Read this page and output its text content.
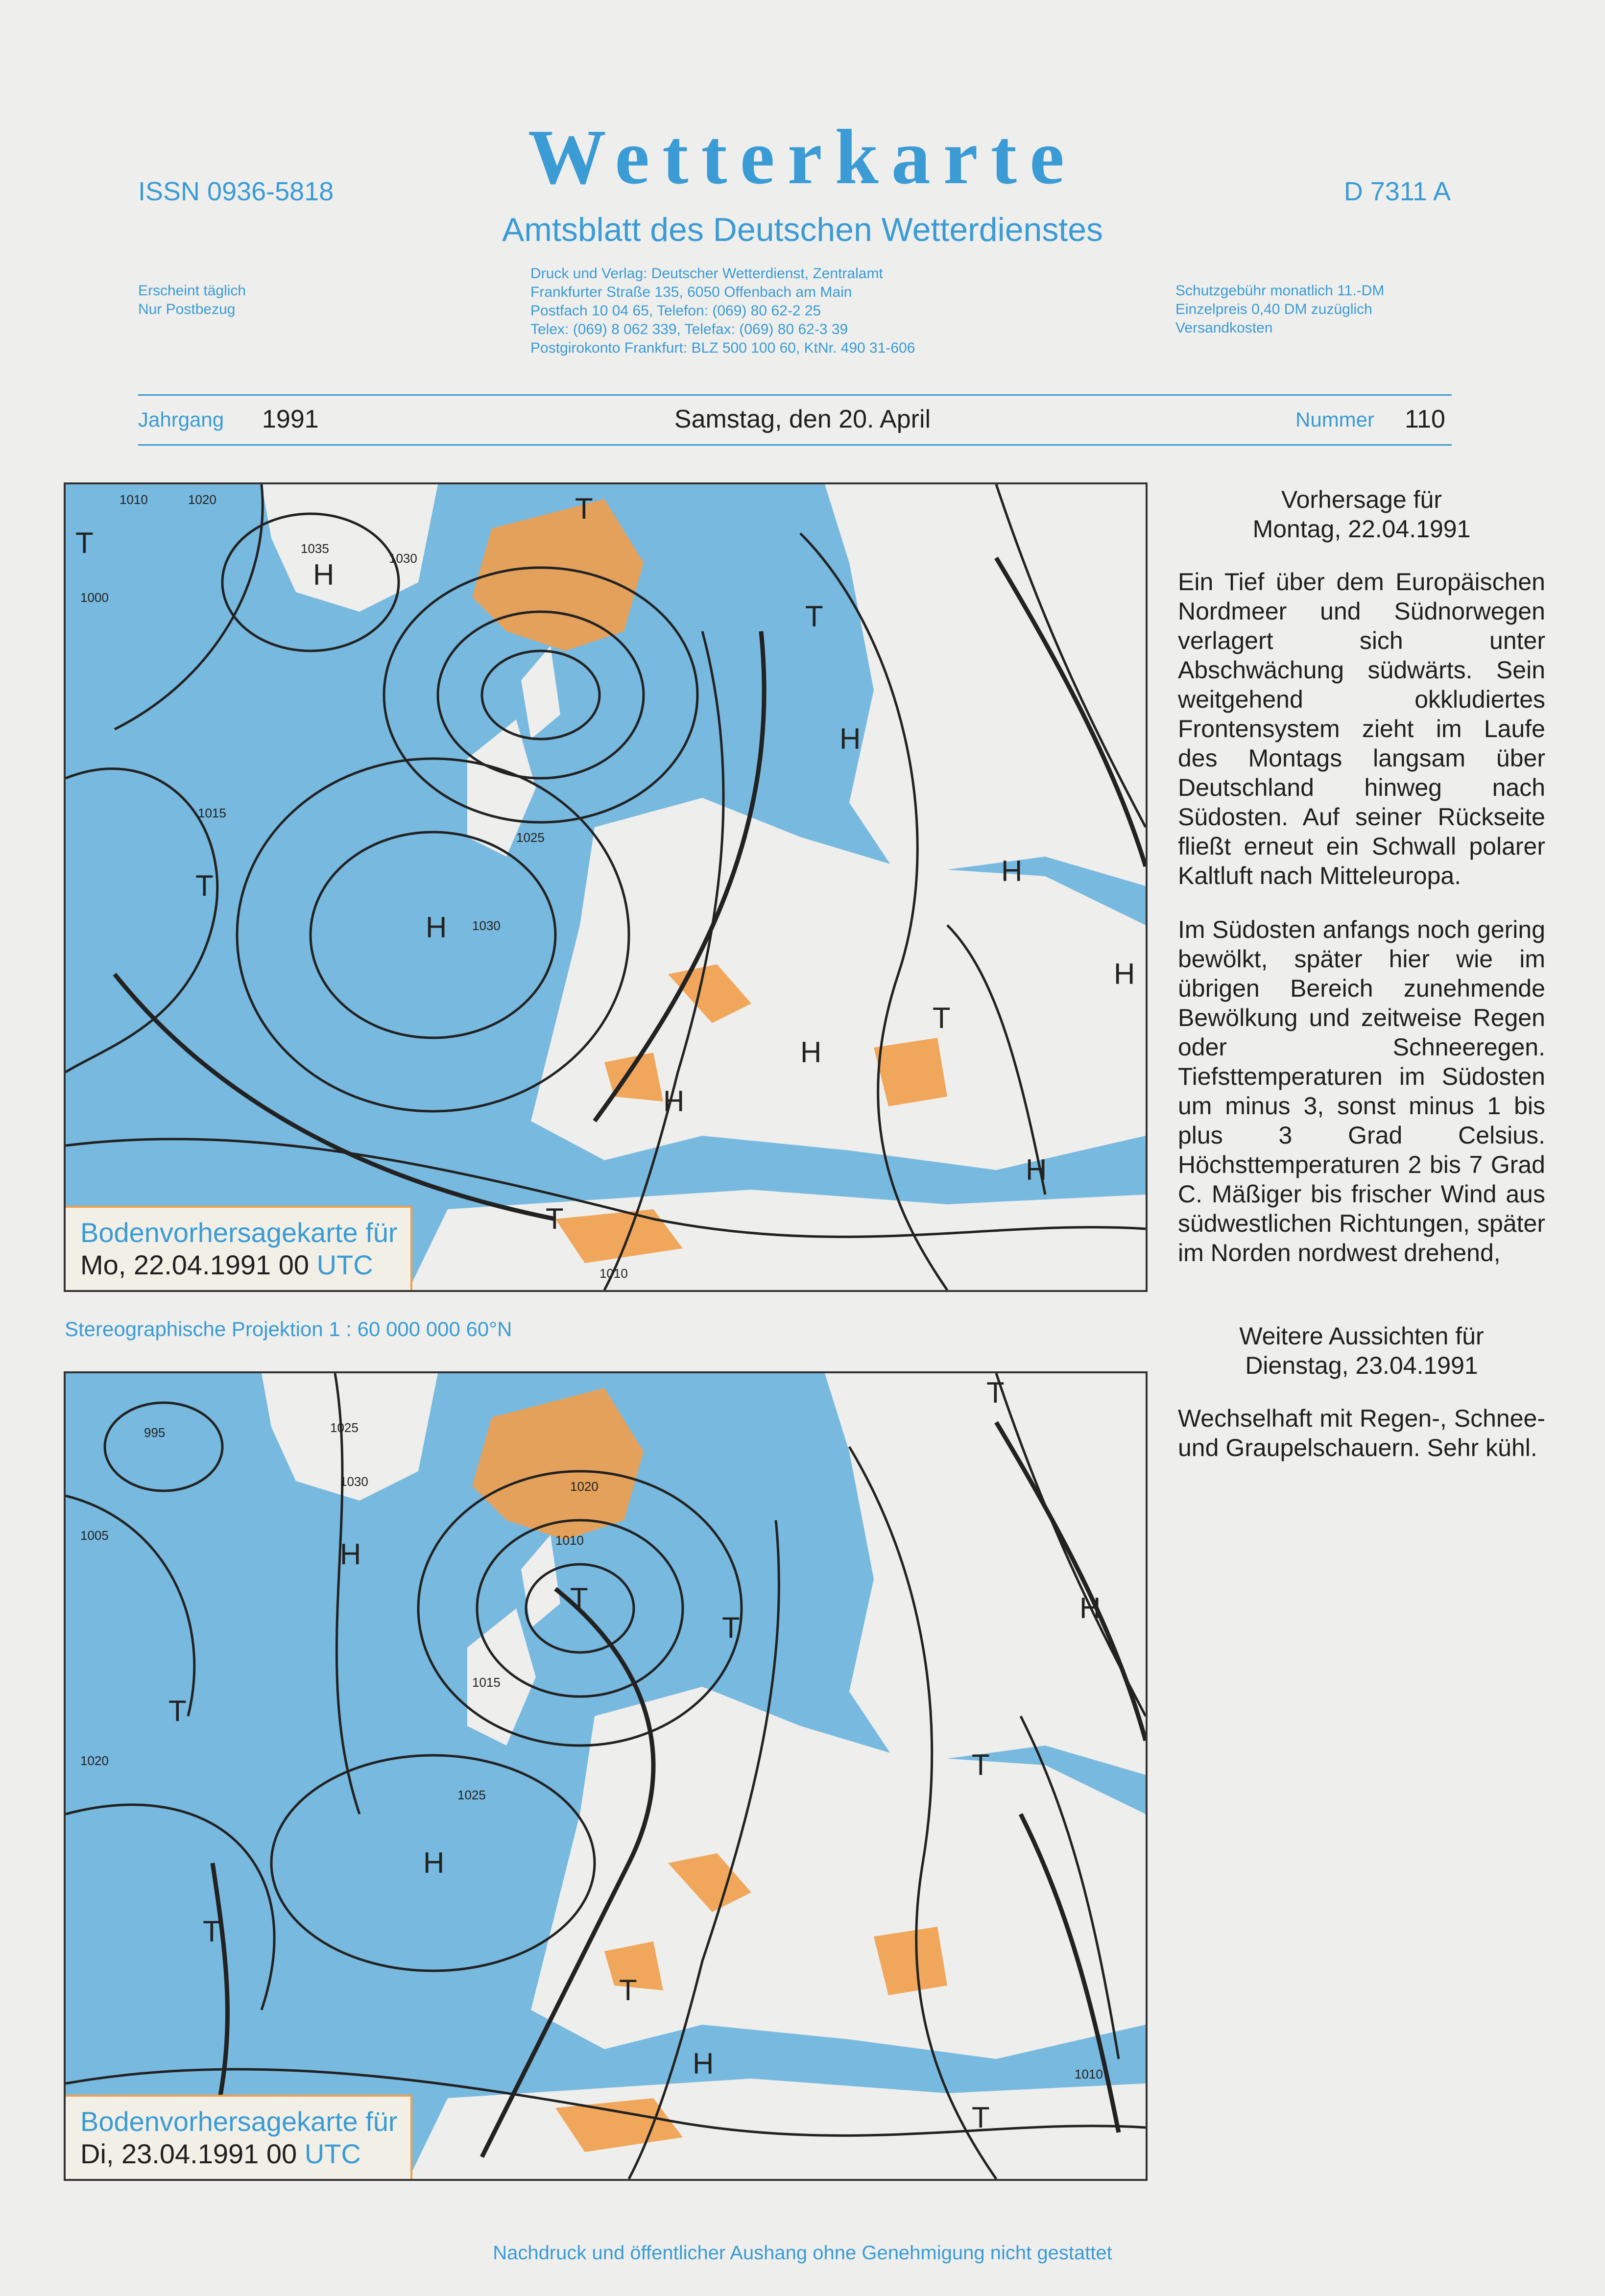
ISSN 0936-5818	Wetterkarte	D 7311 A
Amtsblatt des Deutschen Wetterdienstes
Erscheint täglich
Nur Postbezug
Druck und Verlag: Deutscher Wetterdienst, Zentralamt
Frankfurter Straße 135, 6050 Offenbach am Main
Postfach 10 04 65, Telefon: (069) 80 62-2 25
Telex: (069) 8 062 339, Telefax: (069) 80 62-3 39
Postgirokonto Frankfurt: BLZ 500 100 60, KtNr. 490 31-606
Schutzgebühr monatlich 11.-DM
Einzelpreis 0,40 DM zuzüglich
Versandkosten
Jahrgang 1991	Samstag, den 20. April	Nummer 110
H
H
H
H
H
H
H
H
T
T
T
T
T
T
1010	1020
1035
1030
1000
1015
1025
1030
1010
Bodenvorhersagekarte für
Mo, 22.04.1991 00 UTC
Stereographische Projektion 1 : 60 000 000 60°N
H
H
H
H
T
T
T
T
T
T
T
T
995	1025
1030
1005
1020
1010
1015
1025
1020
1010
Bodenvorhersagekarte für
Di, 23.04.1991 00 UTC
Vorhersage für
Montag, 22.04.1991
Ein Tief über dem Europäischen Nordmeer und Südnorwegen verlagert sich unter Abschwächung südwärts. Sein weitgehend okkludiertes Frontensystem zieht im Laufe des Montags langsam über Deutschland hinweg nach Südosten. Auf seiner Rückseite fließt erneut ein Schwall polarer Kaltluft nach Mitteleuropa.
Im Südosten anfangs noch gering bewölkt, später hier wie im übrigen Bereich zunehmende Bewölkung und zeitweise Regen oder Schneeregen. Tiefsttemperaturen im Südosten um minus 3, sonst minus 1 bis plus 3 Grad Celsius. Höchsttemperaturen 2 bis 7 Grad C. Mäßiger bis frischer Wind aus südwestlichen Richtungen, später im Norden nordwest drehend,
Weitere Aussichten für
Dienstag, 23.04.1991
Wechselhaft mit Regen-, Schnee- und Graupelschauern. Sehr kühl.
Nachdruck und öffentlicher Aushang ohne Genehmigung nicht gestattet
